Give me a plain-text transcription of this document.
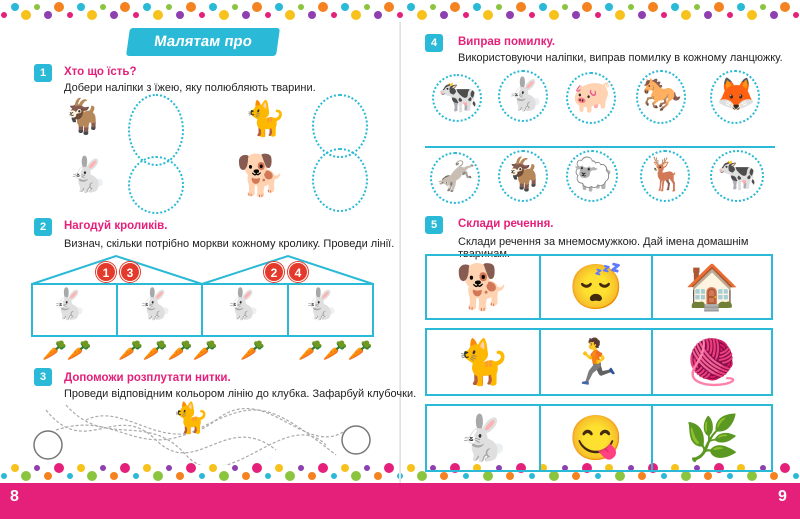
8	9
Малятам про тварин
1	Хто що їсть?
Добери наліпки з їжею, яку полюбляють тварини.
🐐
🐇
🐈
🐕
2	Нагодуй кроликів.
Визнач, скільки потрібно моркви кожному кролику. Проведи лінії.
1	3	2	4
🐇 🐇 🐇 🐇
🥕🥕 🥕🥕🥕🥕 🥕 🥕🥕🥕
3	Допоможи розплутати нитки.
Проведи відповідним кольором лінію до клубка. Зафарбуй клубочки.
🐈
4	Виправ помилку.
Використовуючи наліпки, виправ помилку в кожному ланцюжку.
🐄 🐇 🐖 🐎 🦊
🫏 🐐 🐑 🦌 🐄
5	Склади речення.
Склади речення за мнемосмужкою. Дай імена домашнім тваринам.
🐕	😴	🏠
🐈	🏃	🧶
🐇	😋	🌿
